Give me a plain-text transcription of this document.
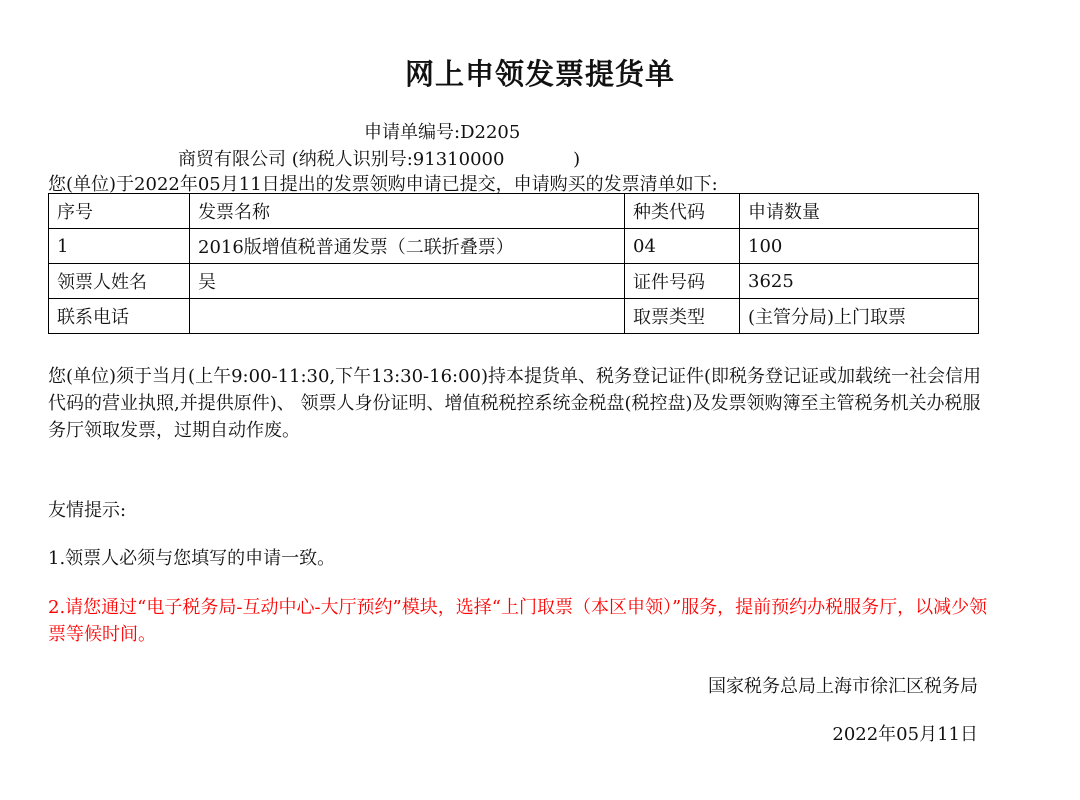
网上申领发票提货单
申请单编号:D2205
商贸有限公司 (纳税人识别号:91310000            )
您(单位)于2022年05月11日提出的发票领购申请已提交，申请购买的发票清单如下:
序号	发票名称	种类代码	申请数量
1	2016版增值税普通发票（二联折叠票）	04	100
领票人姓名	吴	证件号码	3625
联系电话		取票类型	(主管分局)上门取票
您(单位)须于当月(上午9:00-11:30,下午13:30-16:00)持本提货单、税务登记证件(即税务登记证或加载统一社会信用代码的营业执照,并提供原件)、 领票人身份证明、增值税税控系统金税盘(税控盘)及发票领购簿至主管税务机关办税服务厅领取发票，过期自动作废。
友情提示:
1.领票人必须与您填写的申请一致。
2.请您通过“电子税务局-互动中心-大厅预约”模块，选择“上门取票（本区申领）”服务，提前预约办税服务厅，以减少领票等候时间。
国家税务总局上海市徐汇区税务局
2022年05月11日
